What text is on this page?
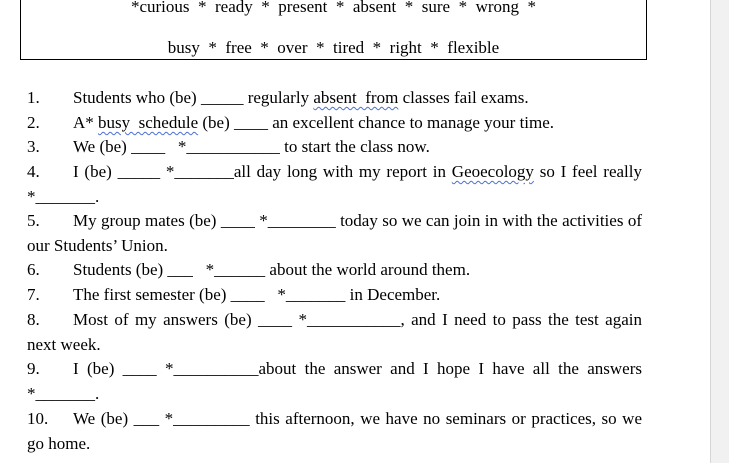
*curious  *  ready  *  present  *  absent  *  sure  *  wrong  *
busy  *  free  *  over  *  tired  *  right  *  flexible
1. Students who (be) _____ regularly absent  from classes fail exams.
2. A* busy  schedule (be) ____ an excellent chance to manage your time.
3. We (be) ____   *___________ to start the class now.
4. I (be) _____ *_______all day long with my report in Geoecology so I feel really *_______.
5. My group mates (be) ____ *________ today so we can join in with the activities of our Students’ Union.
6. Students (be) ___   *______ about the world around them.
7. The first semester (be) ____   *_______ in December.
8. Most of my answers (be) ____ *___________, and I need to pass the test again next week.
9. I (be) ____ *__________about the answer and I hope I have all the answers *_______.
10. We (be) ___ *_________ this afternoon, we have no seminars or practices, so we go home.
